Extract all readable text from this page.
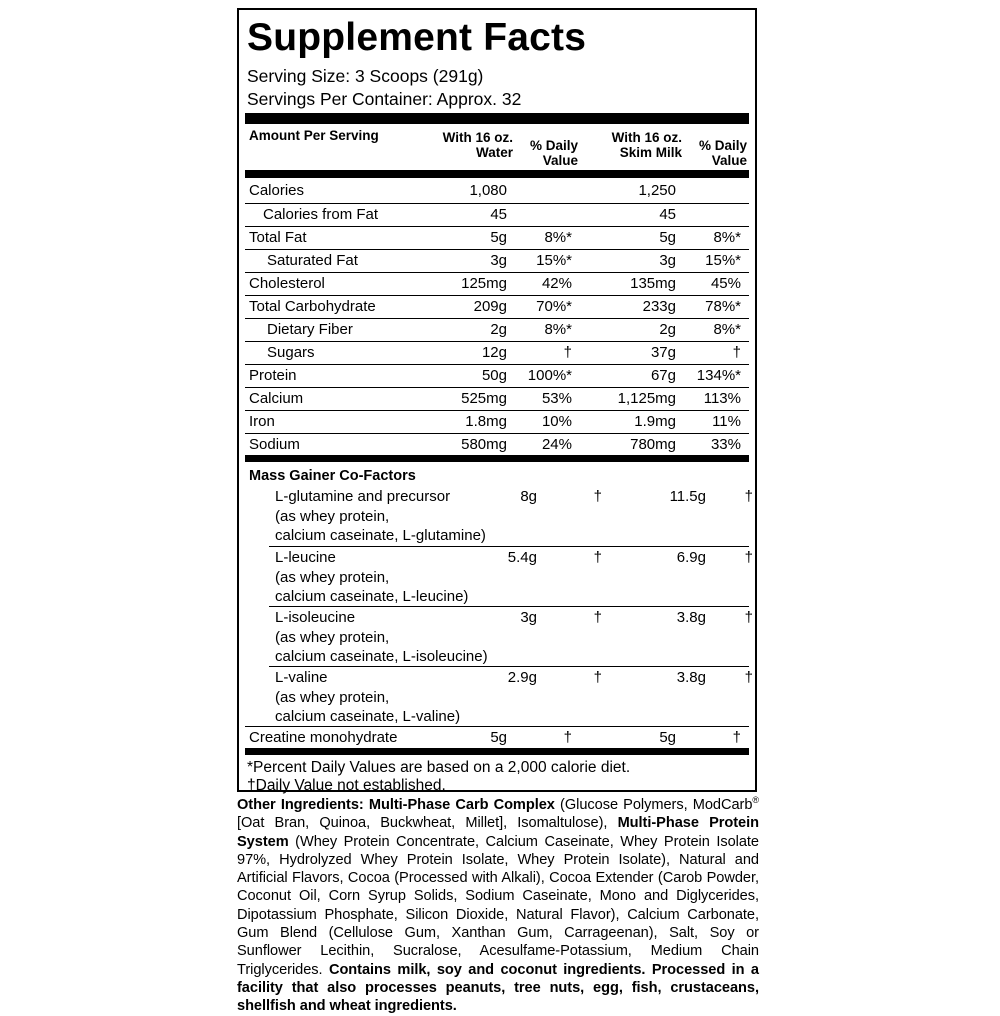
Supplement Facts
Serving Size: 3 Scoops (291g)
Servings Per Container: Approx. 32
Amount Per Serving	With 16 oz.
Water % Daily
Value
With 16 oz.
Skim Milk % Daily
Value
Calories	1,080	1,250
Calories from Fat	45	45
Total Fat	5g 8%*	5g 8%*
Saturated Fat	3g 15%*	3g 15%*
Cholesterol	125mg 42%	135mg 45%
Total Carbohydrate	209g 70%*	233g 78%*
Dietary Fiber	2g 8%*	2g 8%*
Sugars	12g	†	37g	†
Protein	50g 100%*	67g 134%*
Calcium	525mg 53%	1,125mg 113%
Iron	1.8mg 10%	1.9mg 11%
Sodium	580mg 24%	780mg 33%
Mass Gainer Co-Factors
L-glutamine and precursor
(as whey protein,
calcium caseinate, L-glutamine)
8g	†	11.5g	†
L-leucine
(as whey protein,
calcium caseinate, L-leucine)
5.4g	†	6.9g	†
L-isoleucine
(as whey protein,
calcium caseinate, L-isoleucine)
3g	†	3.8g	†
L-valine
(as whey protein,
calcium caseinate, L-valine)
2.9g	†	3.8g	†
Creatine monohydrate	5g	†	5g	†
*Percent Daily Values are based on a 2,000 calorie diet.
†Daily Value not established.
Other Ingredients: Multi-Phase Carb Complex (Glucose Polymers, ModCarb® [Oat Bran, Quinoa, Buckwheat, Millet], Isomaltulose), Multi-Phase Protein System (Whey Protein Concentrate, Calcium Caseinate, Whey Protein Isolate 97%, Hydrolyzed Whey Protein Isolate, Whey Protein Isolate), Natural and Artificial Flavors, Cocoa (Processed with Alkali), Cocoa Extender (Carob Powder, Coconut Oil, Corn Syrup Solids, Sodium Caseinate, Mono and Diglycerides, Dipotassium Phosphate, Silicon Dioxide, Natural Flavor), Calcium Carbonate, Gum Blend (Cellulose Gum, Xanthan Gum, Carrageenan), Salt, Soy or Sunflower Lecithin, Sucralose, Acesulfame-Potassium, Medium Chain Triglycerides. Contains milk, soy and coconut ingredients. Processed in a facility that also processes peanuts, tree nuts, egg, fish, crustaceans, shellfish and wheat ingredients.
